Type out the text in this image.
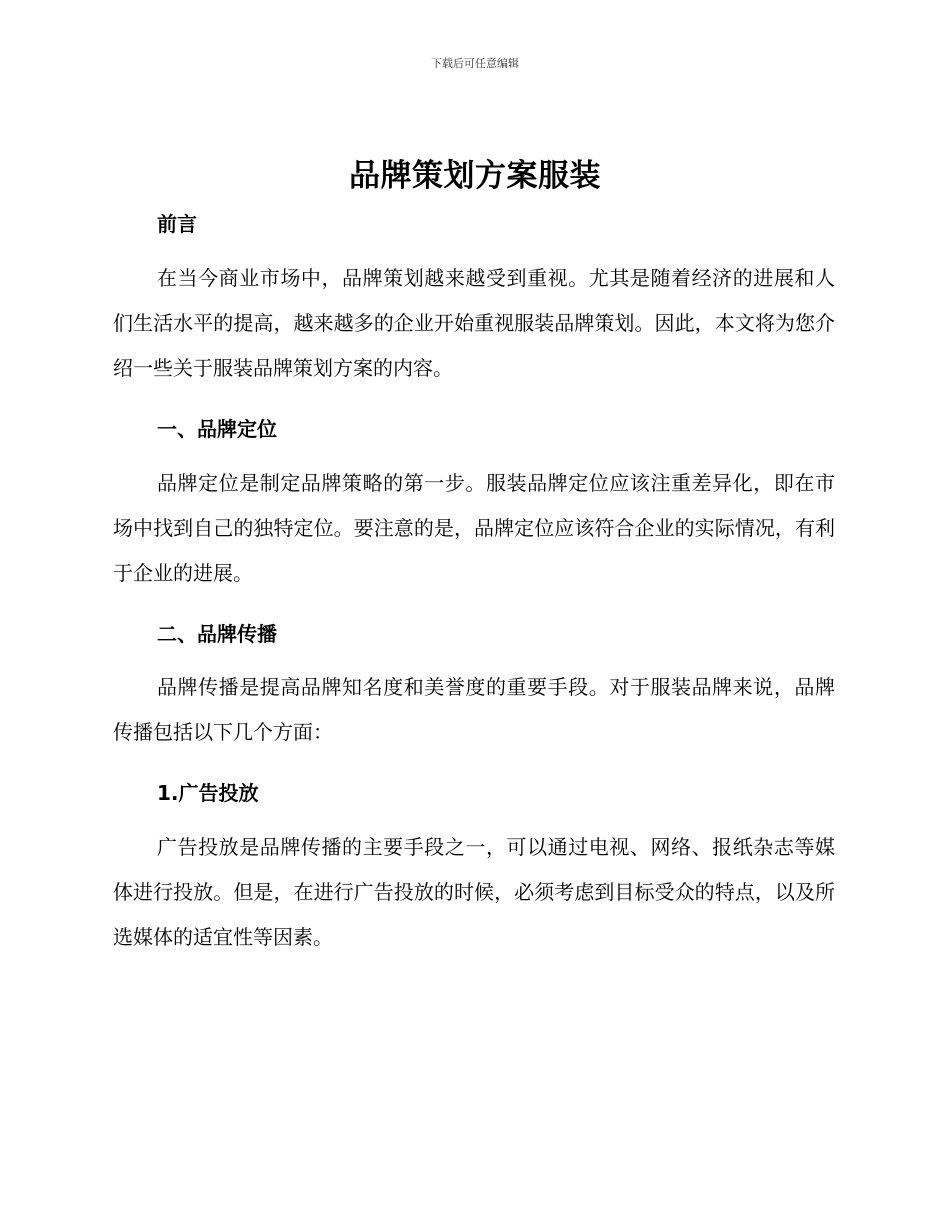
下载后可任意编辑
品牌策划方案服装
前言
在当今商业市场中，品牌策划越来越受到重视。尤其是随着经济的进展和人们生活水平的提高，越来越多的企业开始重视服装品牌策划。因此，本文将为您介绍一些关于服装品牌策划方案的内容。
一、品牌定位
品牌定位是制定品牌策略的第一步。服装品牌定位应该注重差异化，即在市场中找到自己的独特定位。要注意的是，品牌定位应该符合企业的实际情况，有利于企业的进展。
二、品牌传播
品牌传播是提高品牌知名度和美誉度的重要手段。对于服装品牌来说，品牌传播包括以下几个方面：
1.广告投放
广告投放是品牌传播的主要手段之一，可以通过电视、网络、报纸杂志等媒体进行投放。但是，在进行广告投放的时候，必须考虑到目标受众的特点，以及所选媒体的适宜性等因素。
